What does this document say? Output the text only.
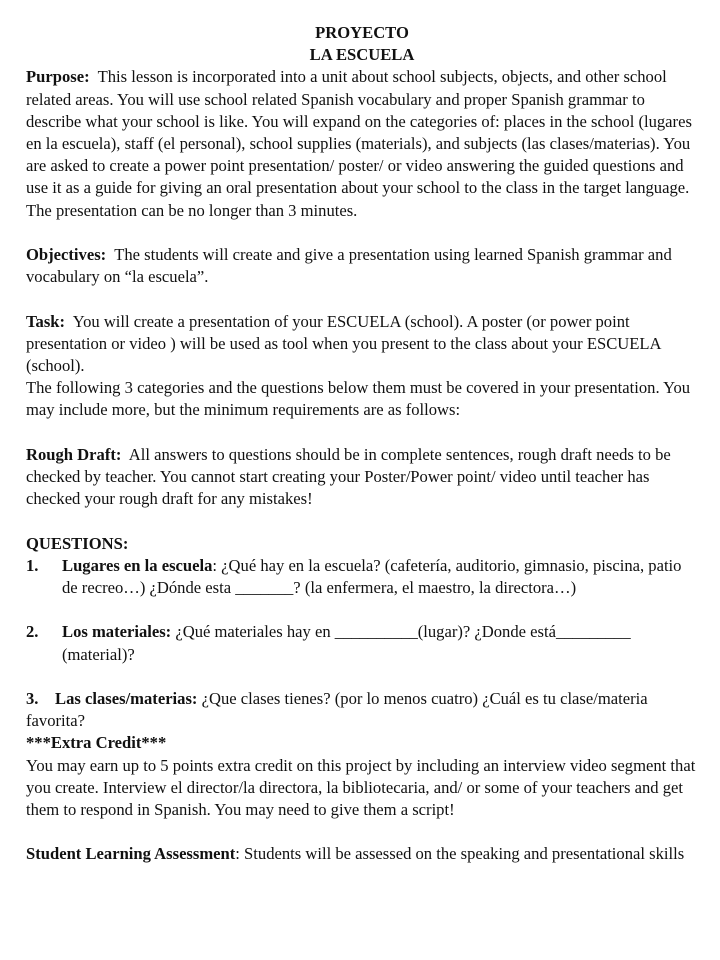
PROYECTO

LA ESCUELA

Purpose: This lesson is incorporated into a unit about school subjects, objects, and other school related areas. You will use school related Spanish vocabulary and proper Spanish grammar to describe what your school is like. You will expand on the categories of: places in the school (lugares en la escuela), staff (el personal), school supplies (materials), and subjects (las clases/materias). You are asked to create a power point presentation/ poster/ or video answering the guided questions and use it as a guide for giving an oral presentation about your school to the class in the target language. The presentation can be no longer than 3 minutes.

Objectives: The students will create and give a presentation using learned Spanish grammar and vocabulary on “la escuela”.

Task: You will create a presentation of your ESCUELA (school). A poster (or power point presentation or video ) will be used as tool when you present to the class about your ESCUELA (school).

The following 3 categories and the questions below them must be covered in your presentation. You may include more, but the minimum requirements are as follows:

Rough Draft: All answers to questions should be in complete sentences, rough draft needs to be checked by teacher. You cannot start creating your Poster/Power point/ video until teacher has checked your rough draft for any mistakes!

QUESTIONS:

1.	Lugares en la escuela: ¿Qué hay en la escuela? (cafetería, auditorio, gimnasio, piscina, patio de recreo…) ¿Dónde esta _______? (la enfermera, el maestro, la directora…)
2.	Los materiales: ¿Qué materiales hay en __________(lugar)? ¿Donde está_________ (material)?

3. Las clases/materias: ¿Que clases tienes? (por lo menos cuatro) ¿Cuál es tu clase/materia favorita?

***Extra Credit***

You may earn up to 5 points extra credit on this project by including an interview video segment that you create. Interview el director/la directora, la bibliotecaria, and/ or some of your teachers and get them to respond in Spanish. You may need to give them a script!

Student Learning Assessment: Students will be assessed on the speaking and presentational skills
